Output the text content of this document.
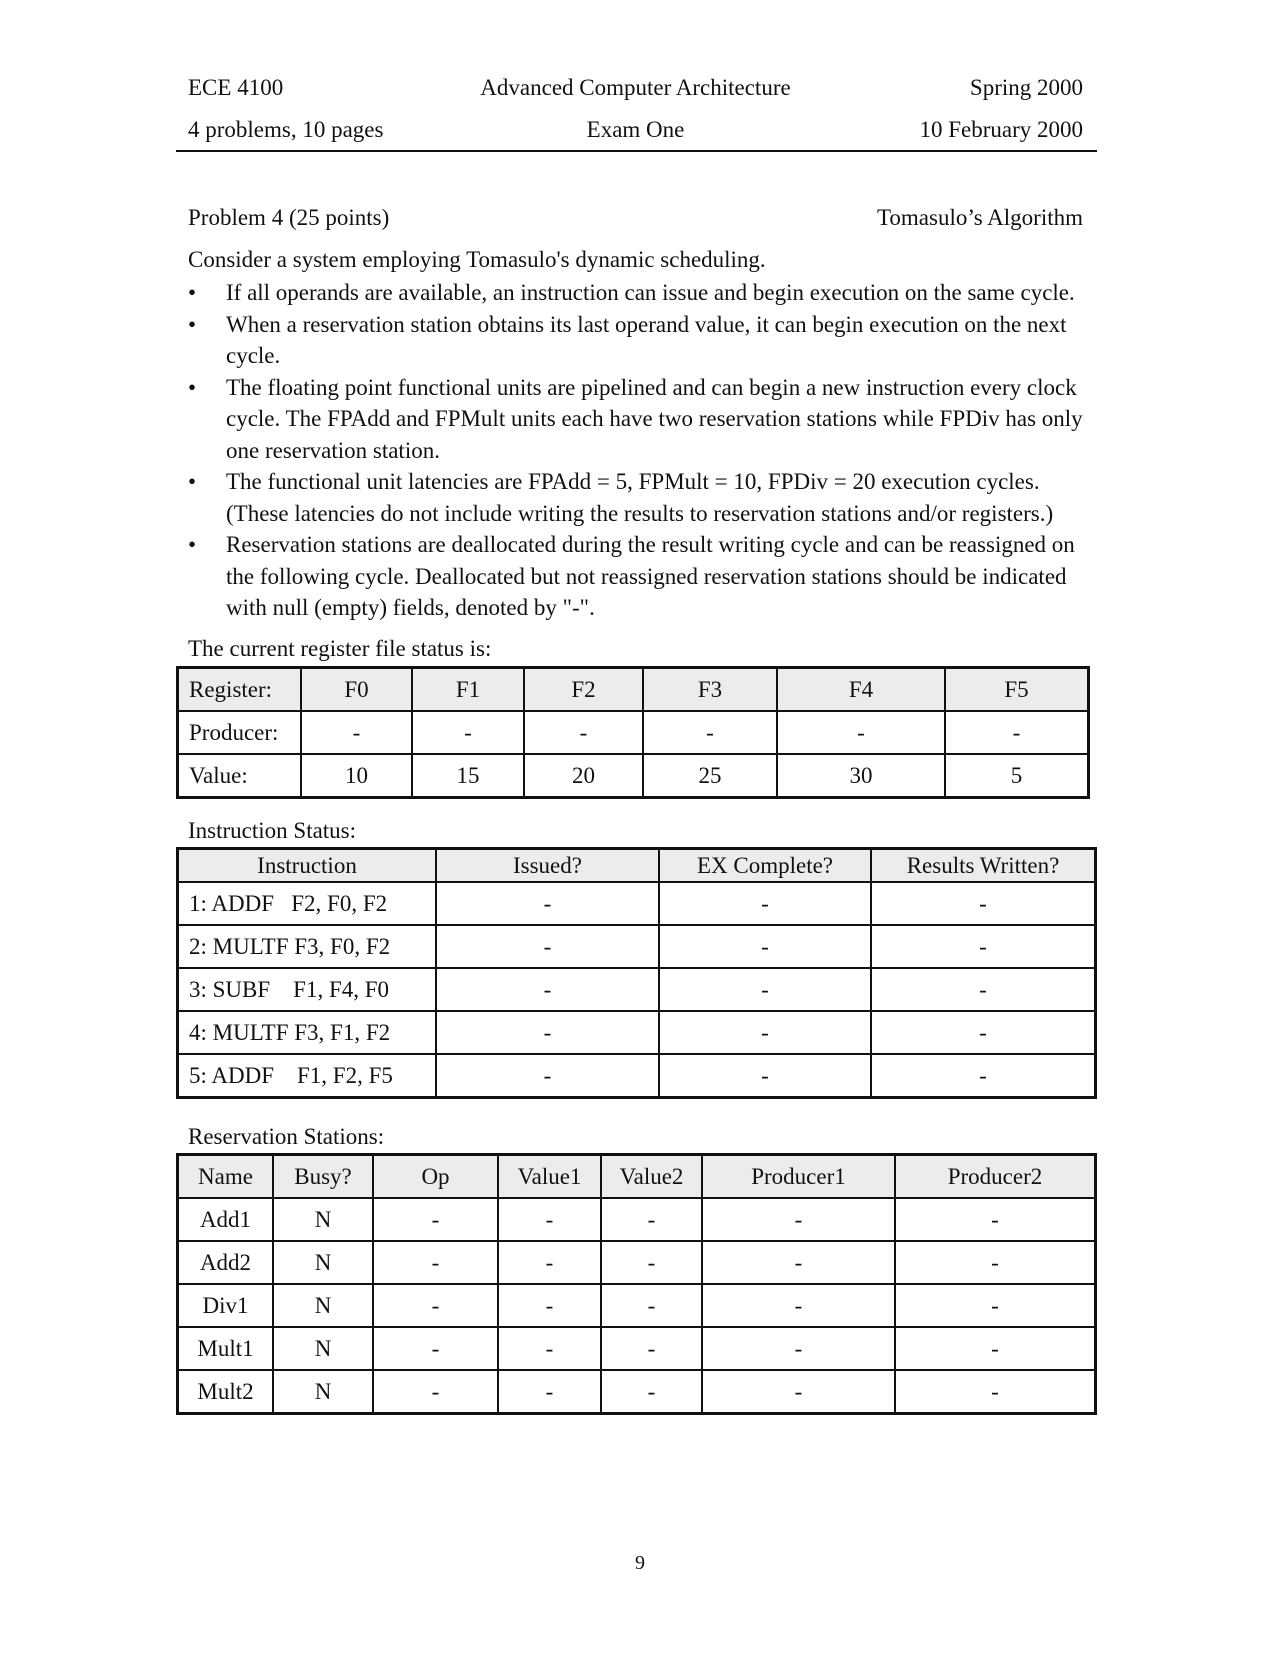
ECE 4100	Advanced Computer Architecture	Spring 2000
4 problems, 10 pages	Exam One	10 February 2000
Problem 4 (25 points)	Tomasulo’s Algorithm
Consider a system employing Tomasulo's dynamic scheduling.
• If all operands are available, an instruction can issue and begin execution on the same cycle.
• When a reservation station obtains its last operand value, it can begin execution on the next cycle.
• The floating point functional units are pipelined and can begin a new instruction every clock cycle. The FPAdd and FPMult units each have two reservation stations while FPDiv has only one reservation station.
• The functional unit latencies are FPAdd = 5, FPMult = 10, FPDiv = 20 execution cycles. (These latencies do not include writing the results to reservation stations and/or registers.)
• Reservation stations are deallocated during the result writing cycle and can be reassigned on the following cycle. Deallocated but not reassigned reservation stations should be indicated with null (empty) fields, denoted by "-".
The current register file status is:
Register:	F0	F1	F2	F3	F4	F5
Producer:	-	-	-	-	-	-
Value:	10	15	20	25	30	5
Instruction Status:
Instruction	Issued?	EX Complete?	Results Written?
1: ADDF   F2, F0, F2	-	-	-
2: MULTF F3, F0, F2	-	-	-
3: SUBF    F1, F4, F0	-	-	-
4: MULTF F3, F1, F2	-	-	-
5: ADDF    F1, F2, F5	-	-	-
Reservation Stations:
Name	Busy?	Op	Value1	Value2	Producer1	Producer2
Add1	N	-	-	-	-	-
Add2	N	-	-	-	-	-
Div1	N	-	-	-	-	-
Mult1	N	-	-	-	-	-
Mult2	N	-	-	-	-	-
9
